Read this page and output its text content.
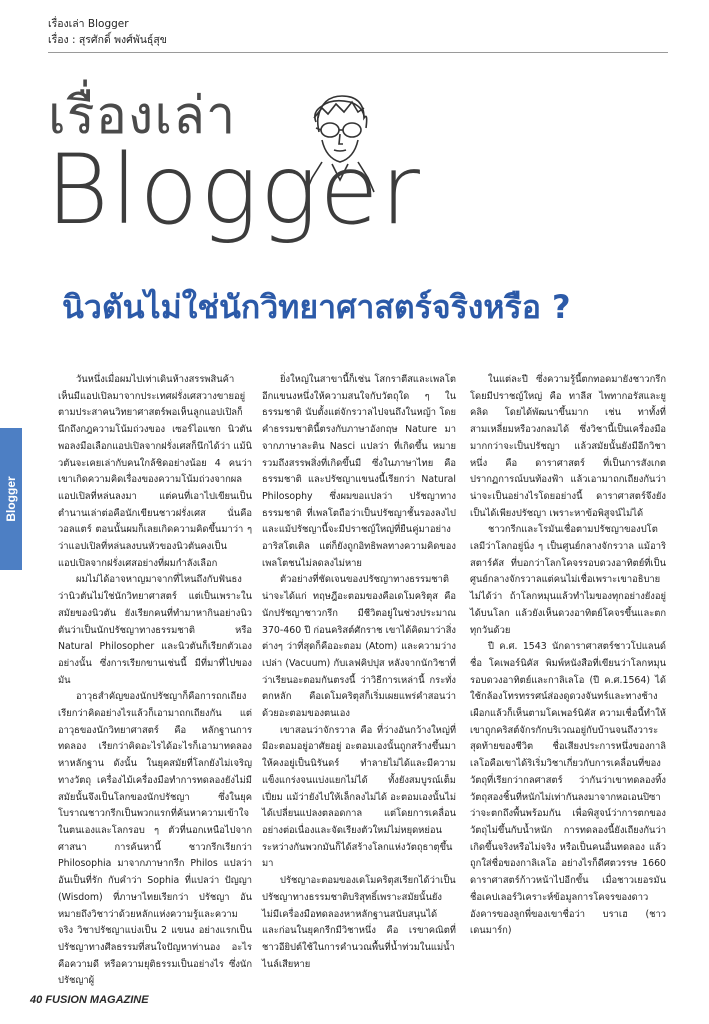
เรื่องเล่า Blogger
เรื่อง : สุรศักดิ์ พงศ์พันธุ์สุข
เรื่องเล่า
Blogger
นิวตันไม่ใช่นักวิทยาศาสตร์จริงหรือ ?
Blogger

วันหนึ่งเมื่อผมไปเท่าเดินห้างสรรพสินค้า เห็นมีแอปเปิลมาจากประเทศฝรั่งเศสวางขายอยู่ ตามประสาคนวิทยาศาสตร์พอเห็นลูกแอปเปิลก็นึกถึงกฎความโน้มถ่วงของ เซอร์ไอแซก นิวตัน พอลงมือเลือกแอปเปิลจากฝรั่งเศสก็นึกได้ว่า แม้นิวตันจะเคยเล่ากับคนใกล้ชิดอย่างน้อย 4 คนว่า เขาเกิดความคิดเรื่องของความโน้มถ่วงจากผลแอปเปิลที่หล่นลงมา แต่คนที่เอาไปเขียนเป็นตำนานเล่าต่อคือนักเขียนชาวฝรั่งเศส นั่นคือ วอลแตร์ ตอนนั้นผมก็เลยเกิดความคิดขึ้นมาว่า ๆ ว่าแอปเปิลที่หล่นลงบนหัวของนิวตันคงเป็นแอปเปิลจากฝรั่งเศสอย่างที่ผมกำลังเลือก

ผมไม่ได้อาจหาญมาจากที่ไหนถึงกับฟันธงว่านิวตันไม่ใช่นักวิทยาศาสตร์ แต่เป็นเพราะในสมัยของนิวตัน ยังเรียกคนที่ทำมาหากินอย่างนิวตันว่าเป็นนักปรัชญาทางธรรมชาติ หรือ Natural Philosopher และนิวตันก็เรียกตัวเองอย่างนั้น ซึ่งการเรียกขานเช่นนี้ มีที่มาที่ไปของมัน

อาวุธสำคัญของนักปรัชญาก็คือการถกเถียง เรียกว่าคิดอย่างไรแล้วก็เอามาถกเถียงกัน แต่อาวุธของนักวิทยาศาสตร์ คือ หลักฐานการทดลอง เรียกว่าคิดอะไรได้อะไรก็เอามาทดลองหาหลักฐาน ดังนั้น ในยุคสมัยที่โลกยังไม่เจริญทางวัตถุ เครื่องไม้เครื่องมือทำการทดลองยังไม่มี สมัยนั้นจึงเป็นโลกของนักปรัชญา ซึ่งในยุคโบราณชาวกรีกเป็นพวกแรกที่ค้นหาความเข้าใจในตนเองและโลกรอบ ๆ ตัวที่นอกเหนือไปจากศาสนา การค้นหานี้ ชาวกรีกเรียกว่า Philosophia มาจากภาษากรีก Philos แปลว่า อันเป็นที่รัก กับคำว่า Sophia ที่แปลว่า ปัญญา (Wisdom) ที่ภาษาไทยเรียกว่า ปรัชญา อันหมายถึงวิชาว่าด้วยหลักแห่งความรู้และความจริง วิชาปรัชญาแบ่งเป็น 2 แขนง อย่างแรกเป็นปรัชญาทางศีลธรรมที่สนใจปัญหาท่านอง อะไรคือความดี หรือความยุติธรรมเป็นอย่างไร ซึ่งนักปรัชญาผู้

ยิ่งใหญ่ในสาขานี้ก็เช่น โสกราตีสและเพลโต อีกแขนงหนึ่งให้ความสนใจกับวัตถุใด ๆ ในธรรมชาติ นับตั้งแต่จักรวาลไปจนถึงในหญ้า โดยคำธรรมชาตินี้ตรงกับภาษาอังกฤษ Nature มาจากภาษาละติน Nasci แปลว่า ที่เกิดขึ้น หมายรวมถึงสรรพสิ่งที่เกิดขึ้นมี ซึ่งในภาษาไทย คือ ธรรมชาติ และปรัชญาแขนงนี้เรียกว่า Natural Philosophy ซึ่งผมขอแปลว่า ปรัชญาทางธรรมชาติ ที่เพลโตถือว่าเป็นปรัชญาชั้นรองลงไป และแม้ปรัชญานี้จะมีปราชญ์ใหญ่ที่ยืนคู่มาอย่าง อาริสโตเติล แต่ก็ยังถูกอิทธิพลทางความคิดของเพลโตชนไม่ลดลงไม่หาย

ตัวอย่างที่ชัดเจนของปรัชญาทางธรรมชาติน่าจะได้แก่ ทฤษฎีอะตอมของคือเดโมคริตุส คือ นักปรัชญาชาวกรีก มีชีวิตอยู่ในช่วงประมาณ 370-460 ปี ก่อนคริสต์ศักราช เขาได้คิดมาว่าสิ่งต่างๆ ว่าที่สุดก็คืออะตอม (Atom) และความว่างเปล่า (Vacuum) กับเลฟคิปปุส หลังจากนักวิชาที่ว่าเรียนอะตอมกันตรงนี้ ว่าวิธีการเหล่านี้ กระทั่งตกหลัก คือเดโมคริตุสก็เริ่มเผยแพร่คำสอนว่าด้วยอะตอมของตนเอง

เขาสอนว่าจักรวาล คือ ที่ว่างอันกว้างใหญ่ที่มีอะตอมอยู่อาศัยอยู่ อะตอมเองนั้นถูกสร้างขึ้นมาให้คงอยู่เป็นนิรันดร์ ทำลายไม่ได้และมีความแข็งแกร่งจนแบ่งแยกไม่ได้ ทั้งยังสมบูรณ์เต็มเปี่ยม แม้ว่ายังไปให้เล็กลงไม่ได้ อะตอมเองนั้นไม่ได้เปลี่ยนแปลงตลอดกาล แต่โดยการเคลื่อนอย่างต่อเนื่องและจัดเรียงตัวใหม่ไม่หยุดหย่อนระหว่างกันพวกมันก็ได้สร้างโลกแห่งวัตถุธาตุขึ้นมา

ปรัชญาอะตอมของเดโมคริตุสเรียกได้ว่าเป็นปรัชญาทางธรรมชาติบริสุทธิ์เพราะสมัยนั้นยังไม่มีเครื่องมือทดลองหาหลักฐานสนับสนุนได้ และก่อนในยุคกรีกมีวิชาหนึ่ง คือ เรขาคณิตที่ชาวอียิปต์ใช้ในการคำนวณพื้นที่น้ำท่วมในแม่น้ำไนล์เสียหาย

ในแต่ละปี ซึ่งความรู้นี้ตกทอดมายังชาวกรีก โดยมีปราชญ์ใหญ่ คือ ทาลีส ไพทากอรัสและยูคลิด โดยได้พัฒนาขึ้นมาก เช่น ทาทั้งที่สามเหลี่ยมหรือวงกลมได้ ซึ่งวิชานี้เป็นเครื่องมือมากกว่าจะเป็นปรัชญา แล้วสมัยนั้นยังมีอีกวิชาหนึ่ง คือ ดาราศาสตร์ ที่เป็นการสังเกตปรากฏการณ์บนท้องฟ้า แล้วเอามาถกเถียงกันว่าน่าจะเป็นอย่างไรโดยอย่างนี้ ดาราศาสตร์จึงยังเป็นได้เพียงปรัชญา เพราะหาข้อพิสูจน์ไม่ได้

ชาวกรีกและโรมันเชื่อตามปรัชญาของปโตเลมีว่าโลกอยู่นิ่ง ๆ เป็นศูนย์กลางจักรวาล แม้อาริสตาร์คัส ที่บอกว่าโลกโคจรรอบดวงอาทิตย์ที่เป็นศูนย์กลางจักรวาลแต่คนไม่เชื่อเพราะเขาอธิบายไม่ได้ว่า ถ้าโลกหมุนแล้วทำไมของทุกอย่างยังอยู่ได้บนโลก แล้วยังเห็นดวงอาทิตย์โคจรขึ้นและตกทุกวันด้วย

ปี ค.ศ. 1543 นักดาราศาสตร์ชาวโปแลนด์ชื่อ โคเพอร์นิคัส พิมพ์หนังสือที่เขียนว่าโลกหมุนรอบดวงอาทิตย์และกาลิเลโอ (ปี ค.ศ.1564) ได้ใช้กล้องโทรทรรศน์ส่องดูดวงจันทร์และทางช้างเผือกแล้วก็เห็นตามโคเพอร์นิคัส ความเชื่อนี้ทำให้เขาถูกคริสต์จักรกักบริเวณอยู่กับบ้านจนถึงวาระสุดท้ายของชีวิต ชื่อเสียงประการหนึ่งของกาลิเลโอคือเขาได้ริเริ่มวิชาเกี่ยวกับการเคลื่อนที่ของวัตถุที่เรียกว่ากลศาสตร์ ว่ากันว่าเขาทดลองทิ้งวัตถุสองชิ้นที่หนักไม่เท่ากันลงมาจากหอเอนปิซาว่าจะตกถึงพื้นพร้อมกัน เพื่อพิสูจน์ว่าการตกของวัตถุไม่ขึ้นกับน้ำหนัก การทดลองนี้ยังเถียงกันว่าเกิดขึ้นจริงหรือไม่จริง หรือเป็นคนอื่นทดลอง แล้วถูกใส่ชื่อของกาลิเลโอ อย่างไรก็ดีศตวรรษ 1660 ดาราศาสตร์ก้าวหน้าไปอีกขั้น เมื่อชาวเยอรมันชื่อเคปเลอร์วิเคราะห์ข้อมูลการโคจรของดาวอังคารของลูกพี่ของเขาชื่อว่า บราเฮ (ชาวเดนมาร์ก)

40 FUSION MAGAZINE
